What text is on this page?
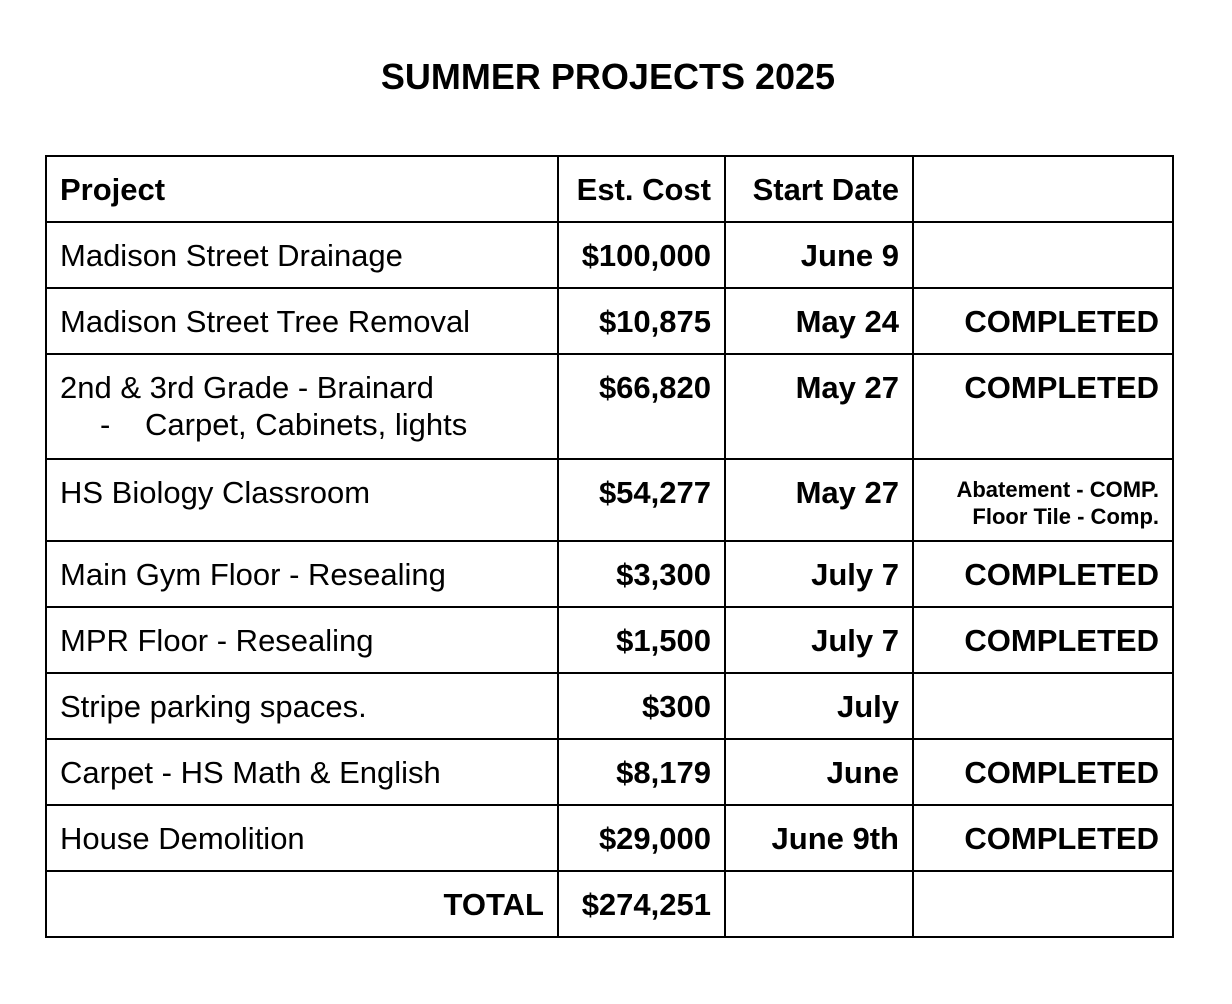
SUMMER PROJECTS 2025
Project	Est. Cost	Start Date	
Madison Street Drainage	$100,000	June 9	
Madison Street Tree Removal	$10,875	May 24	COMPLETED
2nd & 3rd Grade - Brainard
- Carpet, Cabinets, lights	$66,820	May 27	COMPLETED
HS Biology Classroom	$54,277	May 27	Abatement - COMP.
Floor Tile - Comp.

Main Gym Floor - Resealing	$3,300	July 7	COMPLETED
MPR Floor - Resealing	$1,500	July 7	COMPLETED
Stripe parking spaces.	$300	July	
Carpet - HS Math & English	$8,179	June	COMPLETED
House Demolition	$29,000	June 9th	COMPLETED
TOTAL	$274,251		
